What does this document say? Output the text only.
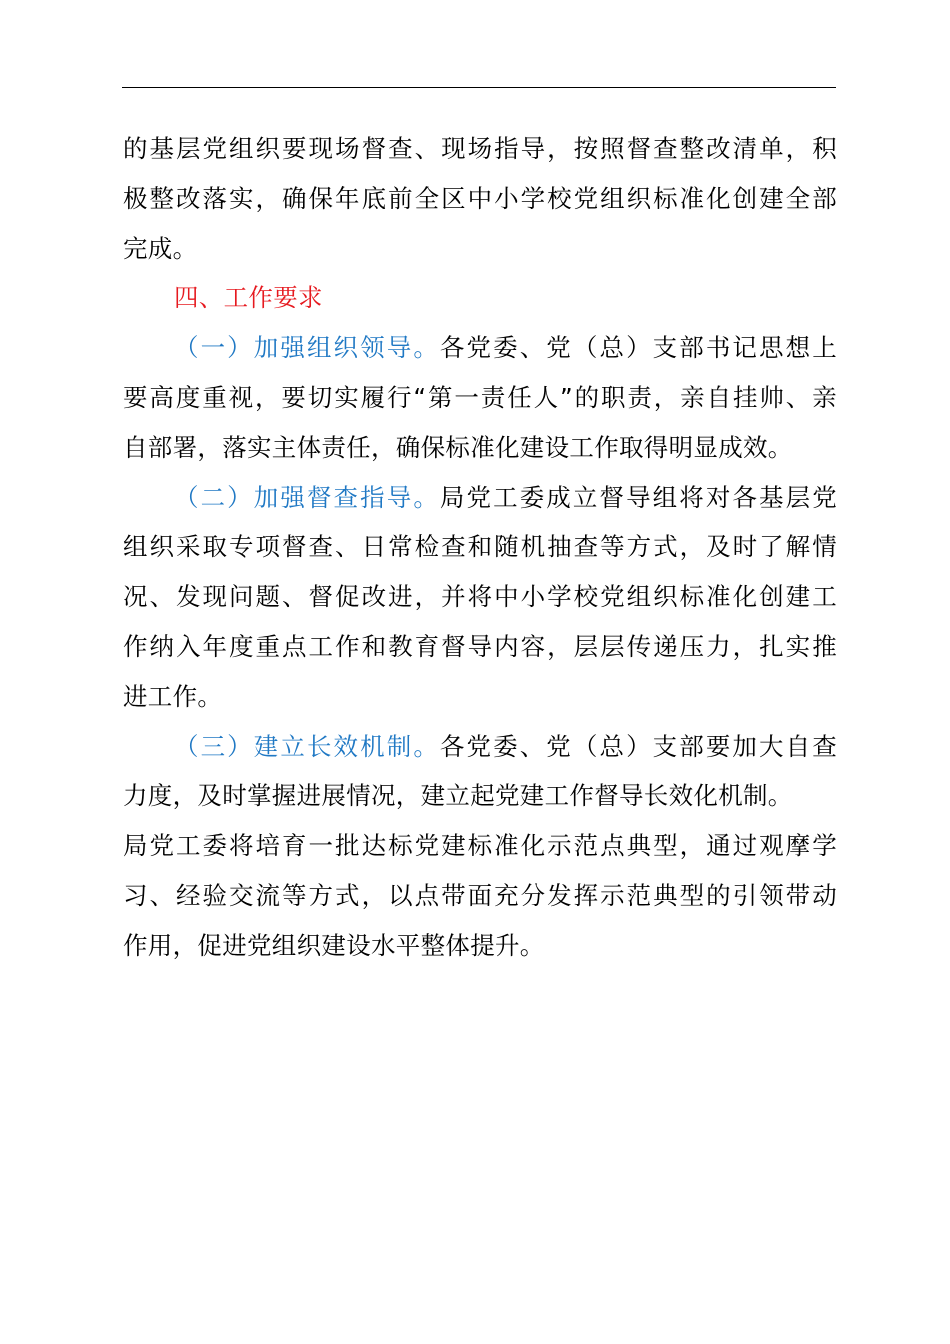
的基层党组织要现场督查、现场指导，按照督查整改清单，积
极整改落实，确保年底前全区中小学校党组织标准化创建全部
完成。
四、工作要求
（一）加强组织领导。各党委、党（总）支部书记思想上
要高度重视，要切实履行“第一责任人”的职责，亲自挂帅、亲
自部署，落实主体责任，确保标准化建设工作取得明显成效。
（二）加强督查指导。局党工委成立督导组将对各基层党
组织采取专项督查、日常检查和随机抽查等方式，及时了解情
况、发现问题、督促改进，并将中小学校党组织标准化创建工
作纳入年度重点工作和教育督导内容，层层传递压力，扎实推
进工作。
（三）建立长效机制。各党委、党（总）支部要加大自查
力度，及时掌握进展情况，建立起党建工作督导长效化机制。
局党工委将培育一批达标党建标准化示范点典型，通过观摩学
习、经验交流等方式，以点带面充分发挥示范典型的引领带动
作用，促进党组织建设水平整体提升。
